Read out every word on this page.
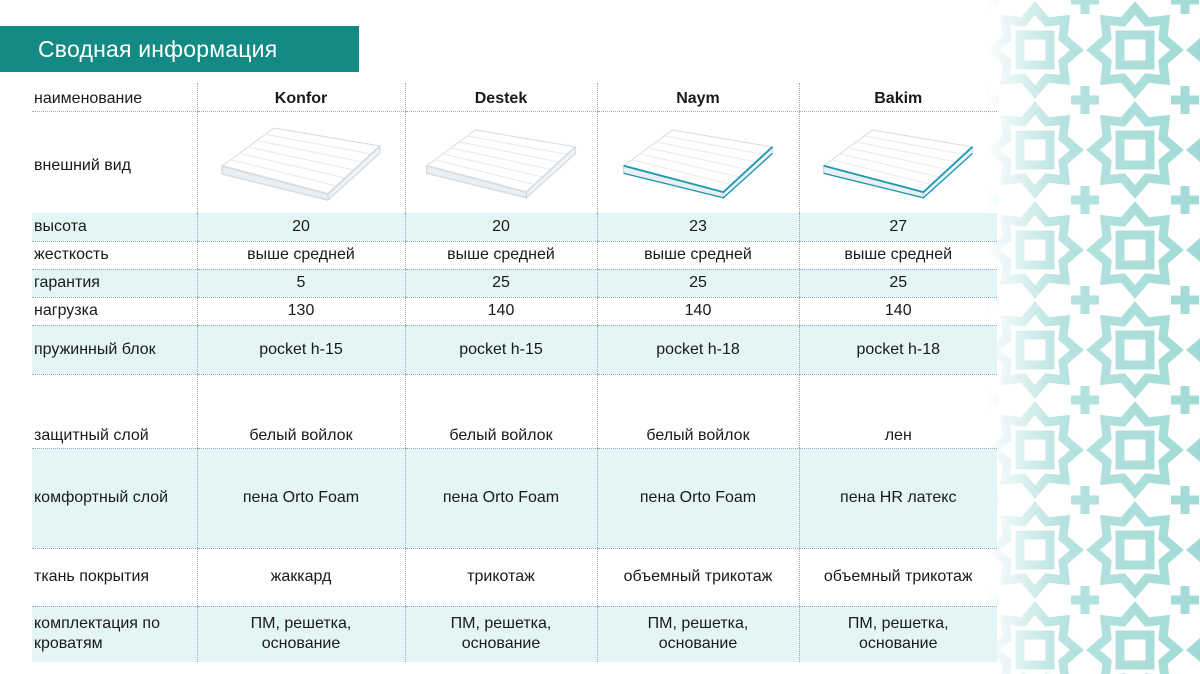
Сводная информация
наименование	Konfor	Destek	Naym	Bakim
внешний вид	

высота	20	20	23	27
жесткость	выше средней	выше средней	выше средней	выше средней
гарантия	5	25	25	25
нагрузка	130	140	140	140
пружинный блок	pocket h-15	pocket h-15	pocket h-18	pocket h-18
защитный слой	белый войлок	белый войлок	белый войлок	лен
комфортный слой	пена Orto Foam	пена Orto Foam	пена Orto Foam	пена HR латекс
ткань покрытия	жаккард	трикотаж	объемный трикотаж	объемный трикотаж
комплектация по кроватям	ПМ, решетка, основание	ПМ, решетка, основание	ПМ, решетка, основание	ПМ, решетка, основание
